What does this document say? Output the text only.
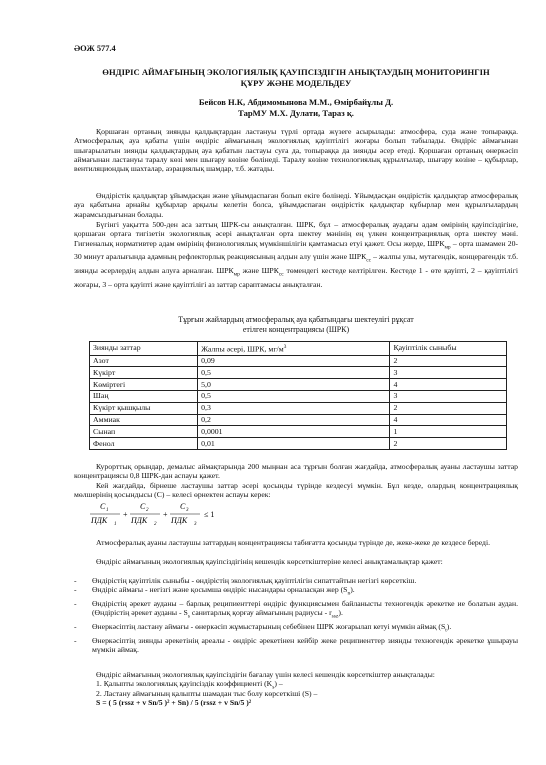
ӘОЖ 577.4
ӨНДІРІС АЙМАҒЫНЫҢ ЭКОЛОГИЯЛЫҚ ҚАУІПСІЗДІГІН АНЫҚТАУДЫҢ МОНИТОРИНГІН
ҚҰРУ ЖӘНЕ МОДЕЛЬДЕУ
Бейсов Н.К, Абдимомынова М.М., Өмірбайұлы Д.
ТарМУ М.Х. Дулати, Тараз қ.

Қоршаған ортаның зиянды қалдықтардан ластануы түрлі ортада жүзеге асырылады: атмосфера, суда және топыраққа. Атмосфералық ауа қабаты үшін өндіріс аймағының экологиялық қауіптілігі жоғары болып табылады. Өндіріс аймағынан шығарылатын зиянды қалдықтардың ауа қабатын ластауы суға да, топыраққа да зиянды әсер етеді. Қоршаған ортаның өнеркәсіп аймағынан ластануы таралу көзі мен шығару көзіне бөлінеді. Таралу көзіне технологиялық құрылғылар, шығару көзіне – құбырлар, вентиляциондық шахталар, аэрациялық шамдар, т.б. жатады.

Өндірістік қалдықтар ұйымдасқан және ұйымдаспаған болып екіге бөлінеді. Ұйымдасқан өндірістік қалдықтар атмосфералық ауа қабатына арнайы құбырлар арқылы келетін болса, ұйымдаспаған өндірістік қалдықтар құбырлар мен құрылғылардың жарамсыздығынан болады.

Бүгінгі уақытта 500-ден аса заттың ШРК-сы анықталған. ШРК, бұл – атмосфералық ауадағы адам өмірінің қауіпсіздігіне, қоршаған ортаға тигізетін экологиялық әсері анықталған орта шектеу мәнінің ең үлкен концентрациялық орта шектеу мәні. Гигиеналық нормативтер адам өмірінің физиологиялық мүмкіншілігін қамтамасыз етуі қажет. Осы жерде, $ШРК_{мр}$ – орта шамамен 20-30 минут аралығында адамның рефлекторлық реакциясының алдын алу үшін және $ШРК_{сс}$ – жалпы улы, мутагендік, концерагендік т.б. зиянды әсерлердің алдын алуға арналған. $ШРК_{мр}$ және $ШРК_{сс}$ төмендегі кестеде келтірілген. Кестеде 1 - өте қауіпті, 2 – қауіптілігі жоғары, 3 – орта қауіпті және қауіптілігі аз заттар сараптамасы анықталған.

Тұрғын жайлардың атмосфералық ауа қабатындағы шектеулігі рұқсат
етілген концентрациясы (ШРК)
Зиянды заттар	Жалпы әсері, ШРК, $мг/м^3$	Қауіптілік сыныбы
Азот	0,09	2
Күкірт	0,5	3
Көміртегі	5,0	4
Шаң	0,5	3
Күкірт қышқылы	0,3	2
Аммиак	0,2	4
Сынап	0,0001	1
Фенол	0,01	2

Курорттық орындар, демалыс аймақтарында 200 мыңнан аса тұрғын болған жағдайда, атмосфералық ауаны ластаушы заттар концентрациясы 0,8 ШРК-дан аспауы қажет.

Кей жағдайда, бірнеше ластаушы заттар әсері қосынды түрінде кездесуі мүмкін. Бұл кезде, олардың концентрациялық мөлшерінің қосындысы (С) – келесі өрнектен аспауы керек:

C 1
ПДК 1
+
C 2
ПДК 2
+
C 3
ПДК 3
≤ 1

Атмосфералық ауаны ластаушы заттардың концентрациясы табиғатта қосынды түрінде де, жеке-жеке де кездесе береді.

Өндіріс аймағының экологиялық қауіпсіздігінің кешендік көрсеткіштеріне келесі анықтамалықтар қажет:

- Өндірістің қауіптілік сыныбы - өндірістің экологиялық қауіптілігін сипаттайтын негізгі көрсеткіш.

- Өндіріс аймағы - негізгі және қосымша өндіріс нысандары орналасқан жер $(S_n)$.

- Өндірістің әрекет ауданы – барлық реципиенттері өндіріс функциясымен байланысты техногендік әрекетке ие болатын аудан. (Өндірістің әрекет ауданы - $S_s$ санитарлық қорғау аймағының радиусы - $r_{ssz}$).

- Өнеркәсіптің ластану аймағы - өнеркәсіп жұмыстарының себебінен ШРК жоғарылап кетуі мүмкін аймақ $(S_t)$.

- Өнеркәсіптің зиянды әрекетінің ареалы - өндіріс әрекетінен кейбір жеке реципиенттер зиянды техногендік әрекетке ұшырауы мүмкін аймақ.

Өндіріс аймағының экологиялық қауіпсіздігін бағалау үшін келесі кешендік көрсеткіштер анықталады:

1. Қалыпты экологиялық қауіпсіздік коэффициенті $(K_s)$ –
2. Ластану аймағының қалыпты шамадан тыс болу көрсеткіші (S) –
S = ( 5 (rssz + v Sn/5 )² + Sn) / 5 (rssz + v Sn/5 )²
